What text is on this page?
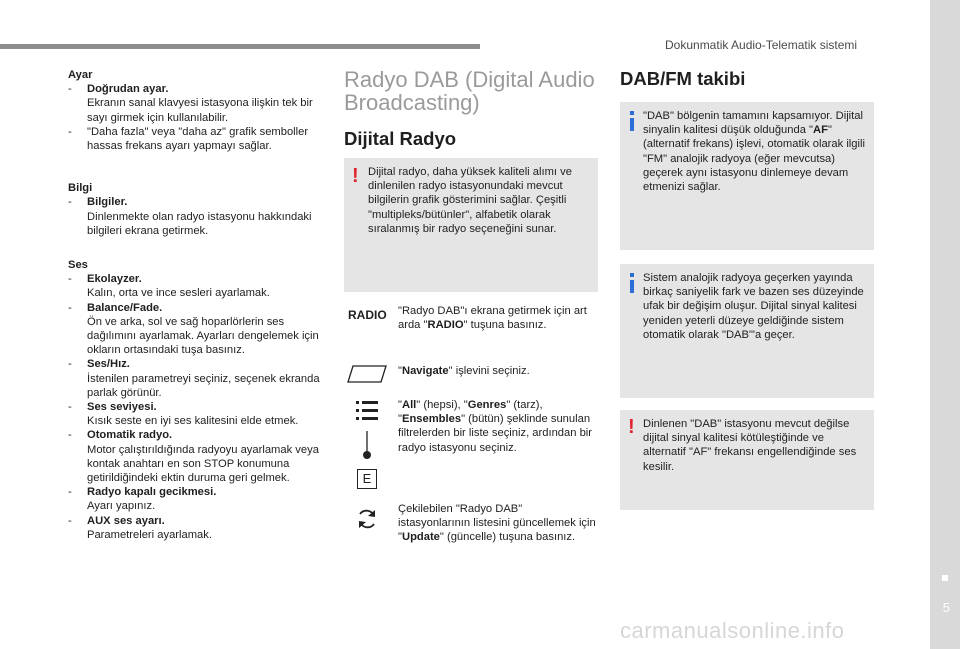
Dokunmatik Audio-Telematik sistemi
5

Ayar

- Doğrudan ayar.
Ekranın sanal klavyesi istasyona ilişkin tek bir sayı girmek için kullanılabilir.
- "Daha fazla" veya "daha az" grafik semboller hassas frekans ayarı yapmayı sağlar.

Bilgi

- Bilgiler.
Dinlenmekte olan radyo istasyonu hakkındaki bilgileri ekrana getirmek.

Ses

- Ekolayzer.
Kalın, orta ve ince sesleri ayarlamak.
- Balance/Fade.
Ön ve arka, sol ve sağ hoparlörlerin ses dağılımını ayarlamak. Ayarları dengelemek için okların ortasındaki tuşa basınız.
- Ses/Hız.
İstenilen parametreyi seçiniz, seçenek ekranda parlak görünür.
- Ses seviyesi.
Kısık seste en iyi ses kalitesini elde etmek.
- Otomatik radyo.
Motor çalıştırıldığında radyoyu ayarlamak veya kontak anahtarı en son STOP konumuna getirildiğindeki ektin duruma geri gelmek.
- Radyo kapalı gecikmesi.
Ayarı yapınız.
- AUX ses ayarı.
Parametreleri ayarlamak.
Radyo DAB (Digital Audio Broadcasting)
Dijital Radyo
! Dijital radyo, daha yüksek kaliteli alımı ve dinlenilen radyo istasyonundaki mevcut bilgilerin grafik gösterimini sağlar. Çeşitli "multipleks/bütünler", alfabetik olarak sıralanmış bir radyo seçeneğini sunar.
RADIO "Radyo DAB"ı ekrana getirmek için art arda "RADIO" tuşuna basınız.
"Navigate" işlevini seçiniz.
E
"All" (hepsi), "Genres" (tarz), "Ensembles" (bütün) şeklinde sunulan filtrelerden bir liste seçiniz, ardından bir radyo istasyonu seçiniz.
Çekilebilen "Radyo DAB" istasyonlarının listesini güncellemek için "Update" (güncelle) tuşuna basınız.
DAB/FM takibi
"DAB" bölgenin tamamını kapsamıyor. Dijital sinyalin kalitesi düşük olduğunda "AF" (alternatif frekans) işlevi, otomatik olarak ilgili "FM" analojik radyoya (eğer mevcutsa) geçerek aynı istasyonu dinlemeye devam etmenizi sağlar.
Sistem analojik radyoya geçerken yayında birkaç saniyelik fark ve bazen ses düzeyinde ufak bir değişim oluşur. Dijital sinyal kalitesi yeniden yeterli düzeye geldiğinde sistem otomatik olarak "DAB"'a geçer.
! Dinlenen "DAB" istasyonu mevcut değilse dijital sinyal kalitesi kötüleştiğinde ve alternatif "AF" frekansı engellendiğinde ses kesilir.
carmanualsonline.info
